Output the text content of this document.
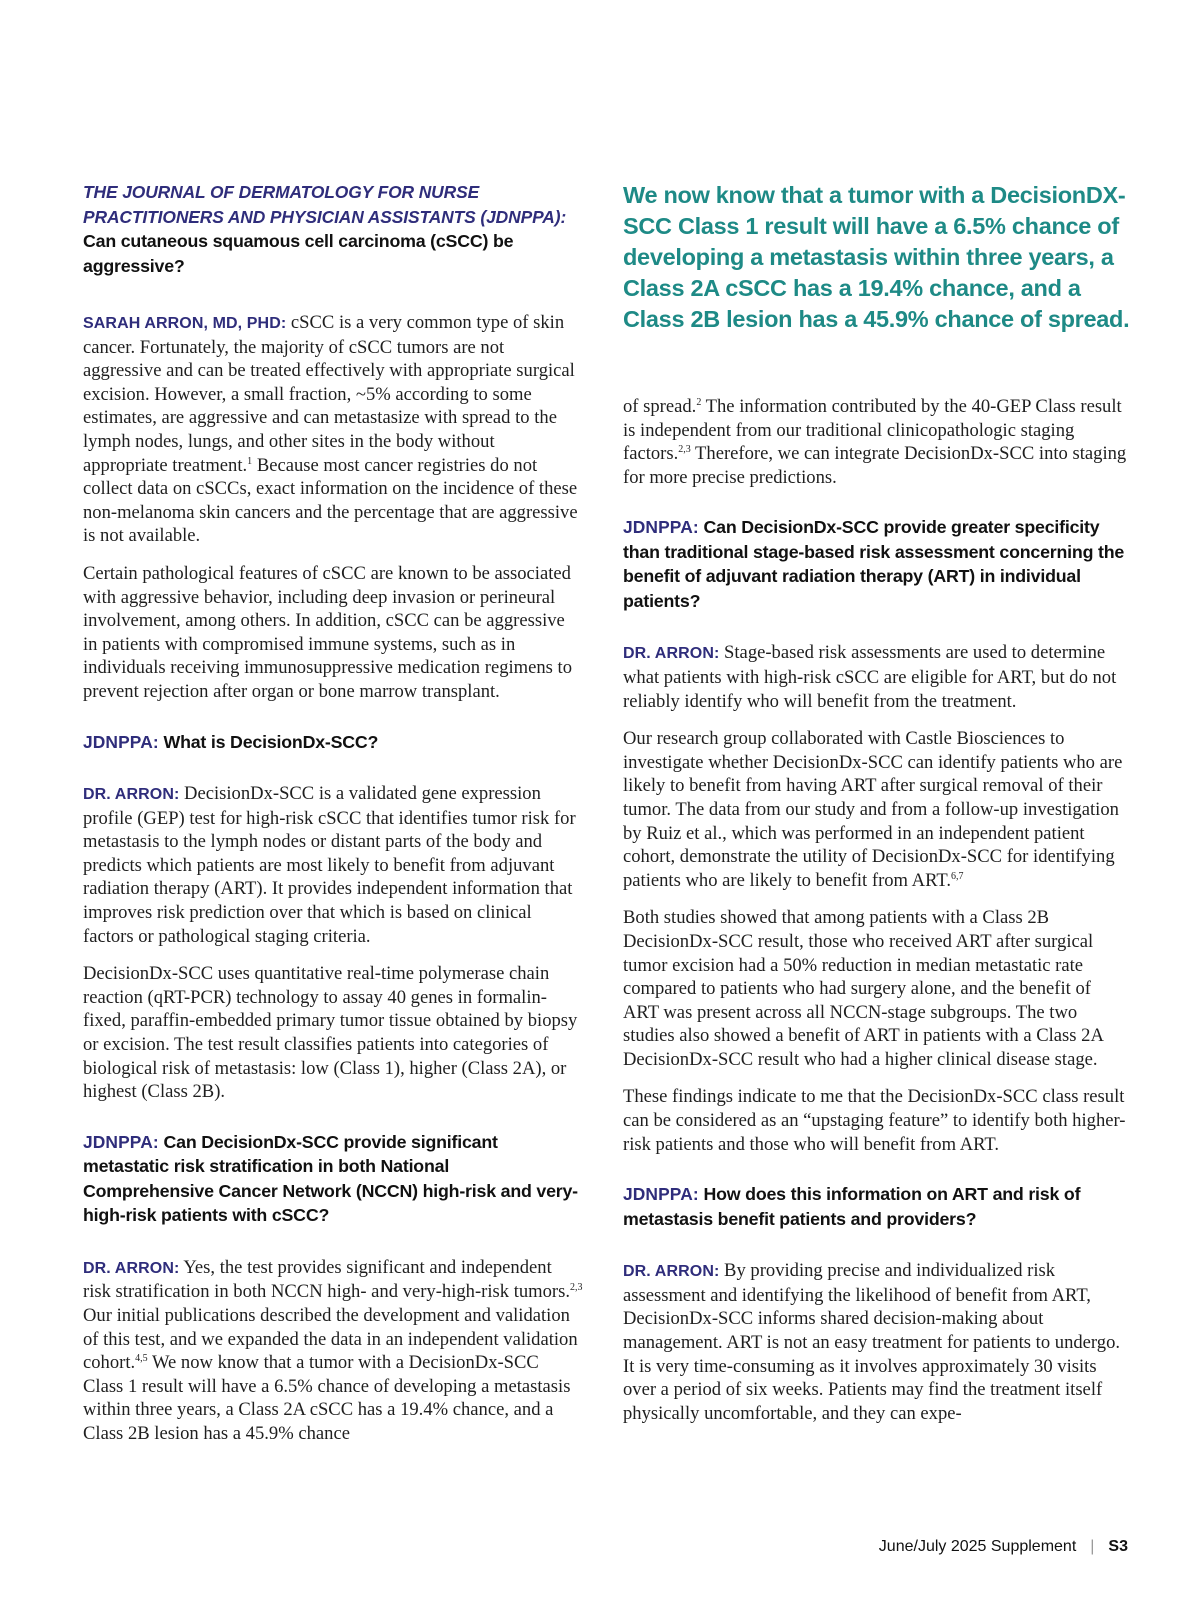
THE JOURNAL OF DERMATOLOGY FOR NURSE PRACTITIONERS AND PHYSICIAN ASSISTANTS (JDNPPA):
Can cutaneous squamous cell carcinoma (cSCC) be aggressive?

SARAH ARRON, MD, PHD: cSCC is a very common type of skin cancer. Fortunately, the majority of cSCC tumors are not aggressive and can be treated effectively with appropriate surgical excision. However, a small fraction, ~5% according to some estimates, are aggressive and can metastasize with spread to the lymph nodes, lungs, and other sites in the body without appropriate treatment.$^1$ Because most cancer registries do not collect data on cSCCs, exact information on the incidence of these non-melanoma skin cancers and the percentage that are aggressive is not available.

Certain pathological features of cSCC are known to be associated with aggressive behavior, including deep invasion or perineural involvement, among others. In addition, cSCC can be aggressive in patients with compromised immune systems, such as in individuals receiving immunosuppressive medication regimens to prevent rejection after organ or bone marrow transplant.

JDNPPA: What is DecisionDx-SCC?

DR. ARRON: DecisionDx-SCC is a validated gene expression profile (GEP) test for high-risk cSCC that identifies tumor risk for metastasis to the lymph nodes or distant parts of the body and predicts which patients are most likely to benefit from adjuvant radiation therapy (ART). It provides independent information that improves risk prediction over that which is based on clinical factors or pathological staging criteria.

DecisionDx-SCC uses quantitative real-time polymerase chain reaction (qRT-PCR) technology to assay 40 genes in formalin-fixed, paraffin-embedded primary tumor tissue obtained by biopsy or excision. The test result classifies patients into categories of biological risk of metastasis: low (Class 1), higher (Class 2A), or highest (Class 2B).

JDNPPA: Can DecisionDx-SCC provide significant metastatic risk stratification in both National Comprehensive Cancer Network (NCCN) high-risk and very-high-risk patients with cSCC?

DR. ARRON: Yes, the test provides significant and independent risk stratification in both NCCN high- and very-high-risk tumors.$^{2,3}$ Our initial publications described the development and validation of this test, and we expanded the data in an independent validation cohort.$^{4,5}$ We now know that a tumor with a DecisionDx-SCC Class 1 result will have a 6.5% chance of developing a metastasis within three years, a Class 2A cSCC has a 19.4% chance, and a Class 2B lesion has a 45.9% chance

We now know that a tumor with a DecisionDX-SCC Class 1 result will have a 6.5% chance of developing a metastasis within three years, a Class 2A cSCC has a 19.4% chance, and a Class 2B lesion has a 45.9% chance of spread.

of spread.$^2$ The information contributed by the 40-GEP Class result is independent from our traditional clinicopathologic staging factors.$^{2,3}$ Therefore, we can integrate DecisionDx-SCC into staging for more precise predictions.

JDNPPA: Can DecisionDx-SCC provide greater specificity than traditional stage-based risk assessment concerning the benefit of adjuvant radiation therapy (ART) in individual patients?

DR. ARRON: Stage-based risk assessments are used to determine what patients with high-risk cSCC are eligible for ART, but do not reliably identify who will benefit from the treatment.

Our research group collaborated with Castle Biosciences to investigate whether DecisionDx-SCC can identify patients who are likely to benefit from having ART after surgical removal of their tumor. The data from our study and from a follow-up investigation by Ruiz et al., which was performed in an independent patient cohort, demonstrate the utility of DecisionDx-SCC for identifying patients who are likely to benefit from ART.$^{6,7}$

Both studies showed that among patients with a Class 2B DecisionDx-SCC result, those who received ART after surgical tumor excision had a 50% reduction in median metastatic rate compared to patients who had surgery alone, and the benefit of ART was present across all NCCN-stage subgroups. The two studies also showed a benefit of ART in patients with a Class 2A DecisionDx-SCC result who had a higher clinical disease stage.

These findings indicate to me that the DecisionDx-SCC class result can be considered as an “upstaging feature” to identify both higher-risk patients and those who will benefit from ART.

JDNPPA: How does this information on ART and risk of metastasis benefit patients and providers?

DR. ARRON: By providing precise and individualized risk assessment and identifying the likelihood of benefit from ART, DecisionDx-SCC informs shared decision-making about management. ART is not an easy treatment for patients to undergo. It is very time-consuming as it involves approximately 30 visits over a period of six weeks. Patients may find the treatment itself physically uncomfortable, and they can expe-

June/July 2025 Supplement | S3
